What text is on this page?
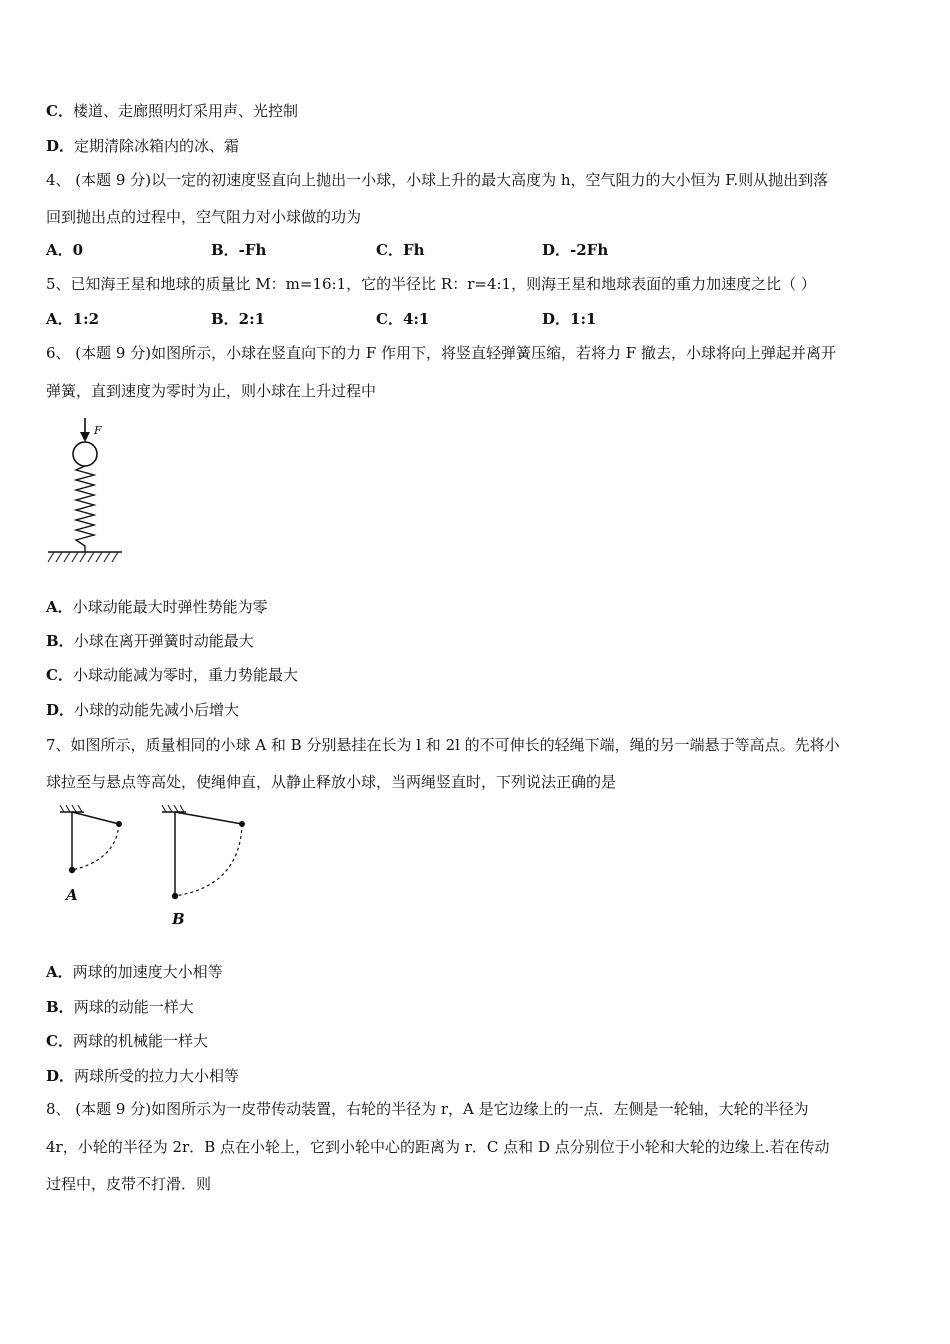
C．楼道、走廊照明灯采用声、光控制

D．定期清除冰箱内的冰、霜

4、 (本题 9 分)以一定的初速度竖直向上抛出一小球，小球上升的最大高度为 h，空气阻力的大小恒为 F.则从抛出到落

回到抛出点的过程中，空气阻力对小球做的功为

A．0	B．-Fh	C．Fh	D．-2Fh

5、已知海王星和地球的质量比 M：m=16:1，它的半径比 R：r=4:1，则海王星和地球表面的重力加速度之比（ ）

A．1:2	B．2:1	C．4:1	D．1:1

6、 (本题 9 分)如图所示，小球在竖直向下的力 F 作用下，将竖直轻弹簧压缩，若将力 F 撤去，小球将向上弹起并离开

弹簧，直到速度为零时为止，则小球在上升过程中

F

A．小球动能最大时弹性势能为零

B．小球在离开弹簧时动能最大

C．小球动能减为零时，重力势能最大

D．小球的动能先减小后增大

7、如图所示，质量相同的小球 A 和 B 分别悬挂在长为 l 和 2l 的不可伸长的轻绳下端，绳的另一端悬于等高点。先将小

球拉至与悬点等高处，使绳伸直，从静止释放小球，当两绳竖直时，下列说法正确的是

A
B

A．两球的加速度大小相等

B．两球的动能一样大

C．两球的机械能一样大

D．两球所受的拉力大小相等

8、 (本题 9 分)如图所示为一皮带传动装置，右轮的半径为 r，A 是它边缘上的一点．左侧是一轮轴，大轮的半径为

4r，小轮的半径为 2r．B 点在小轮上，它到小轮中心的距离为 r．C 点和 D 点分别位于小轮和大轮的边缘上.若在传动

过程中，皮带不打滑．则
